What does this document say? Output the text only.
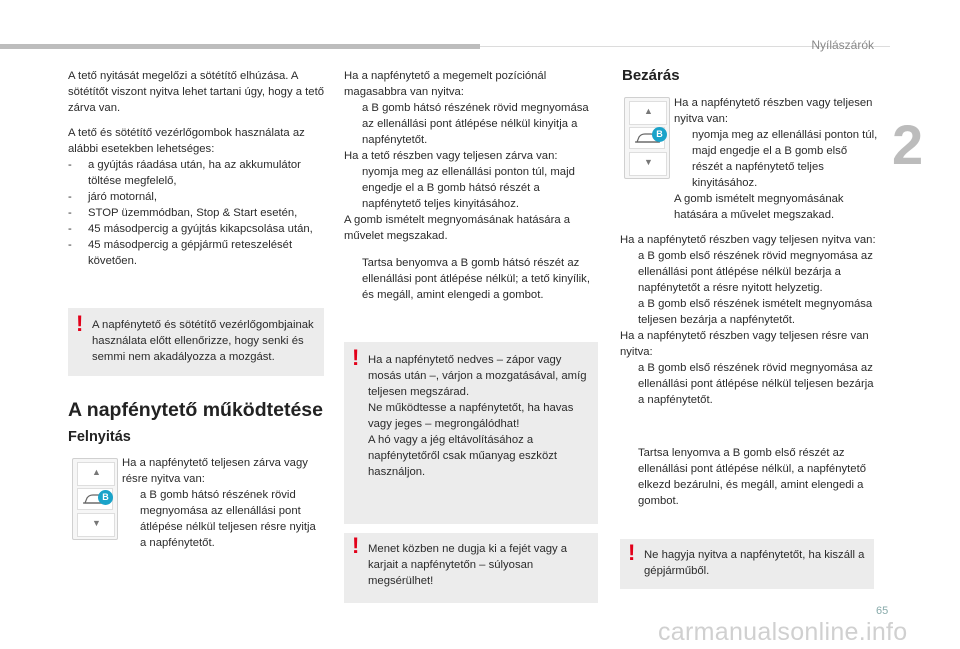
Nyílászárók
2

A tető nyitását megelőzi a sötétítő elhúzása. A sötétítőt viszont nyitva lehet tartani úgy, hogy a tető zárva van.

A tető és sötétítő vezérlőgombok használata az alábbi esetekben lehetséges:

- a gyújtás ráadása után, ha az akkumulátor töltése megfelelő,
- járó motornál,
- STOP üzemmódban, Stop & Start esetén,
- 45 másodpercig a gyújtás kikapcsolása után,
- 45 másodpercig a gépjármű reteszelését követően.
! A napfénytető és sötétítő vezérlőgombjainak használata előtt ellenőrizze, hogy senki és semmi nem akadályozza a mozgást.
A napfénytető működtetése
Felnyitás
▲
▼
B

Ha a napfénytető teljesen zárva vagy résre nyitva van:

a B gomb hátsó részének rövid megnyomása az ellenállási pont átlépése nélkül teljesen résre nyitja a napfénytetőt.

Ha a napfénytető a megemelt pozíciónál magasabbra van nyitva:

a B gomb hátsó részének rövid megnyomása az ellenállási pont átlépése nélkül kinyitja a napfénytetőt.

Ha a tető részben vagy teljesen zárva van:

nyomja meg az ellenállási ponton túl, majd engedje el a B gomb hátsó részét a napfénytető teljes kinyitásához.

A gomb ismételt megnyomásának hatására a művelet megszakad.

Tartsa benyomva a B gomb hátsó részét az ellenállási pont átlépése nélkül; a tető kinyílik, és megáll, amint elengedi a gombot.
! Ha a napfénytető nedves – zápor vagy mosás után –, várjon a mozgatásával, amíg teljesen megszárad.
Ne működtesse a napfénytetőt, ha havas vagy jeges – megrongálódhat!
A hó vagy a jég eltávolításához a napfénytetőről csak műanyag eszközt használjon.
! Menet közben ne dugja ki a fejét vagy a karjait a napfénytetőn – súlyosan megsérülhet!
Bezárás
▲
▼
B

Ha a napfénytető részben vagy teljesen nyitva van:

nyomja meg az ellenállási ponton túl, majd engedje el a B gomb első részét a napfénytető teljes kinyitásához.

A gomb ismételt megnyomásának hatására a művelet megszakad.

Ha a napfénytető részben vagy teljesen nyitva van:

a B gomb első részének rövid megnyomása az ellenállási pont átlépése nélkül bezárja a napfénytetőt a résre nyitott helyzetig.
a B gomb első részének ismételt megnyomása teljesen bezárja a napfénytetőt.

Ha a napfénytető részben vagy teljesen résre van nyitva:

a B gomb első részének rövid megnyomása az ellenállási pont átlépése nélkül teljesen bezárja a napfénytetőt.
Tartsa lenyomva a B gomb első részét az ellenállási pont átlépése nélkül, a napfénytető elkezd bezárulni, és megáll, amint elengedi a gombot.
! Ne hagyja nyitva a napfénytetőt, ha kiszáll a gépjárműből.
65
carmanualsonline.info
